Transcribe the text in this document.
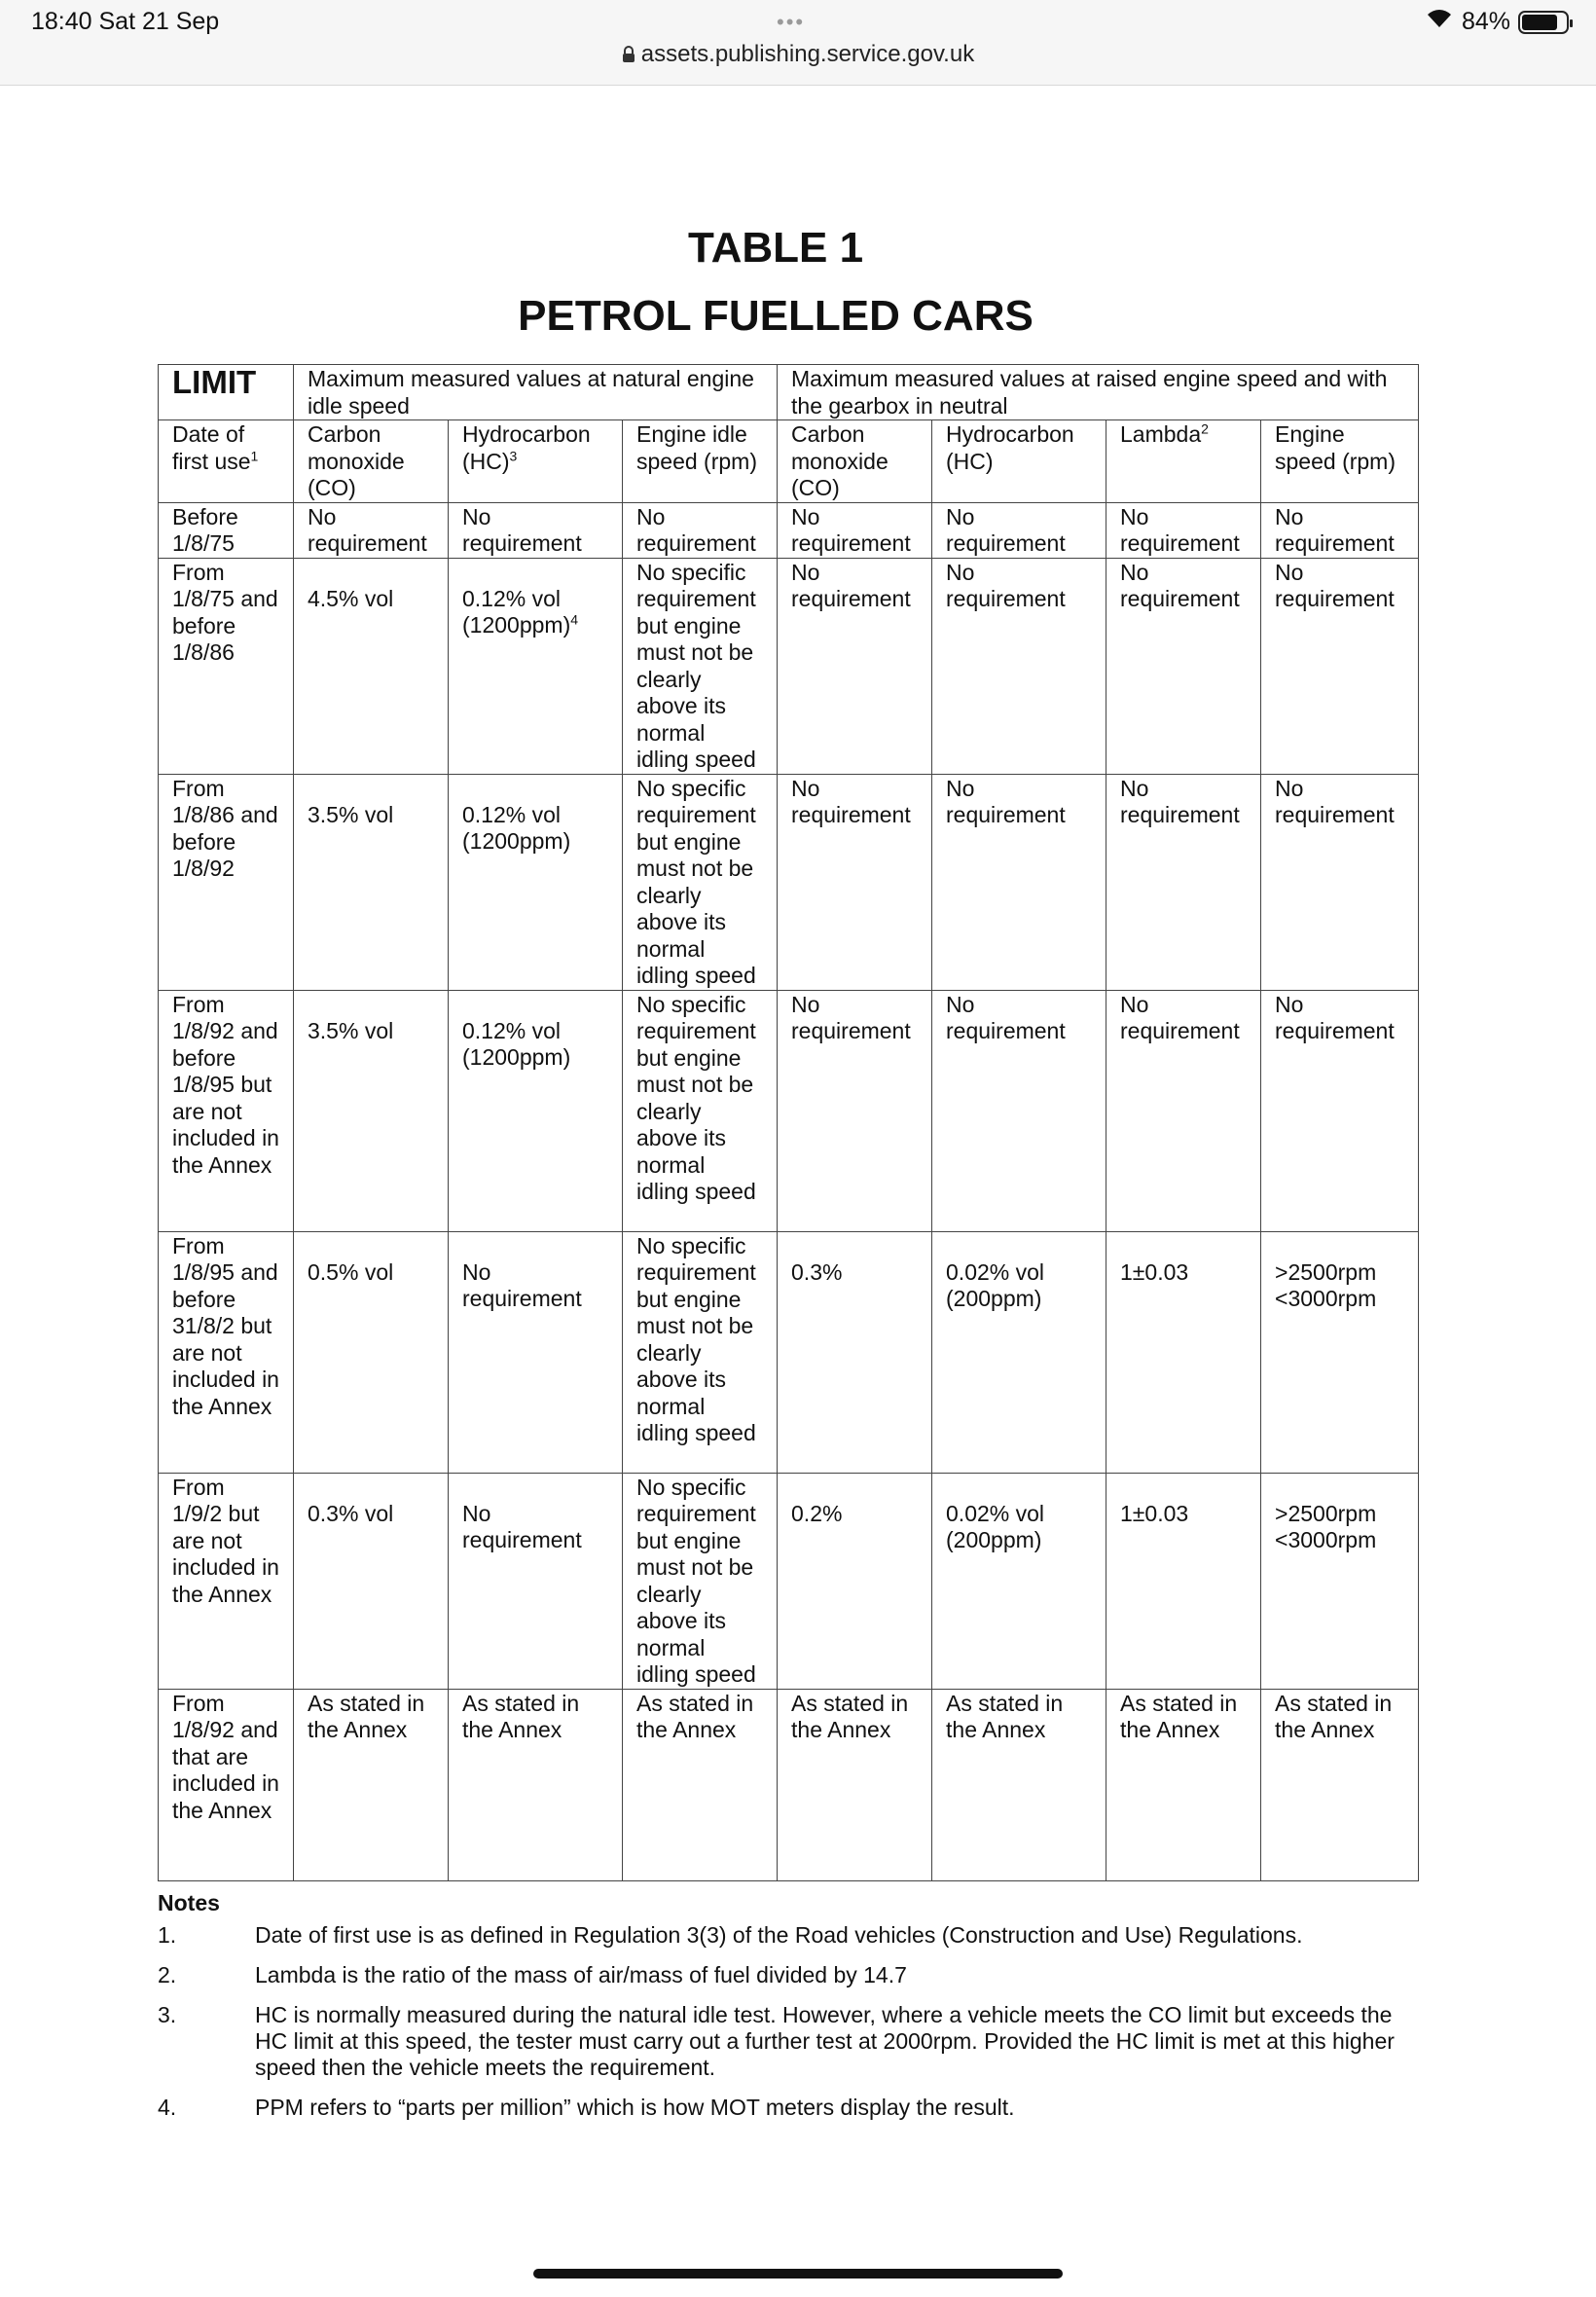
18:40 Sat 21 Sep	•••
assets.publishing.service.gov.uk
84%
TABLE 1
PETROL FUELLED CARS
LIMIT	Maximum measured values at natural engine idle speed			Maximum measured values at raised engine speed and with the gearbox in neutral			
Date of first use$^1$	Carbon monoxide (CO)	Hydrocarbon (HC)$^3$	Engine idle speed (rpm)	Carbon monoxide (CO)	Hydrocarbon (HC)	Lambda$^2$	Engine speed (rpm)
Before 1/8/75	No requirement	No requirement	No requirement	No requirement	No requirement	No requirement	No requirement
From 1/8/75 and before 1/8/86	4.5% vol	0.12% vol $(1200ppm)^4$	No specific requirement but engine must not be clearly above its normal idling speed	No requirement	No requirement	No requirement	No requirement
From 1/8/86 and before 1/8/92	3.5% vol	0.12% vol (1200ppm)	No specific requirement but engine must not be clearly above its normal idling speed	No requirement	No requirement	No requirement	No requirement
From 1/8/92 and before 1/8/95 but are not included in the Annex	3.5% vol	0.12% vol (1200ppm)	No specific requirement but engine must not be clearly above its normal idling speed	No requirement	No requirement	No requirement	No requirement
From 1/8/95 and before 31/8/2 but are not included in the Annex	0.5% vol	No requirement	No specific requirement but engine must not be clearly above its normal idling speed	0.3%	0.02% vol (200ppm)	1±0.03	>2500rpm <3000rpm
From 1/9/2 but are not included in the Annex	0.3% vol	No requirement	No specific requirement but engine must not be clearly above its normal idling speed	0.2%	0.02% vol (200ppm)	1±0.03	>2500rpm <3000rpm
From 1/8/92 and that are included in the Annex	As stated in the Annex	As stated in the Annex	As stated in the Annex	As stated in the Annex	As stated in the Annex	As stated in the Annex	As stated in the Annex
Notes
1.	Date of first use is as defined in Regulation 3(3) of the Road vehicles (Construction and Use) Regulations.
2.	Lambda is the ratio of the mass of air/mass of fuel divided by 14.7
3.	HC is normally measured during the natural idle test. However, where a vehicle meets the CO limit but exceeds the HC limit at this speed, the tester must carry out a further test at 2000rpm. Provided the HC limit is met at this higher speed then the vehicle meets the requirement.
4.	PPM refers to “parts per million” which is how MOT meters display the result.
